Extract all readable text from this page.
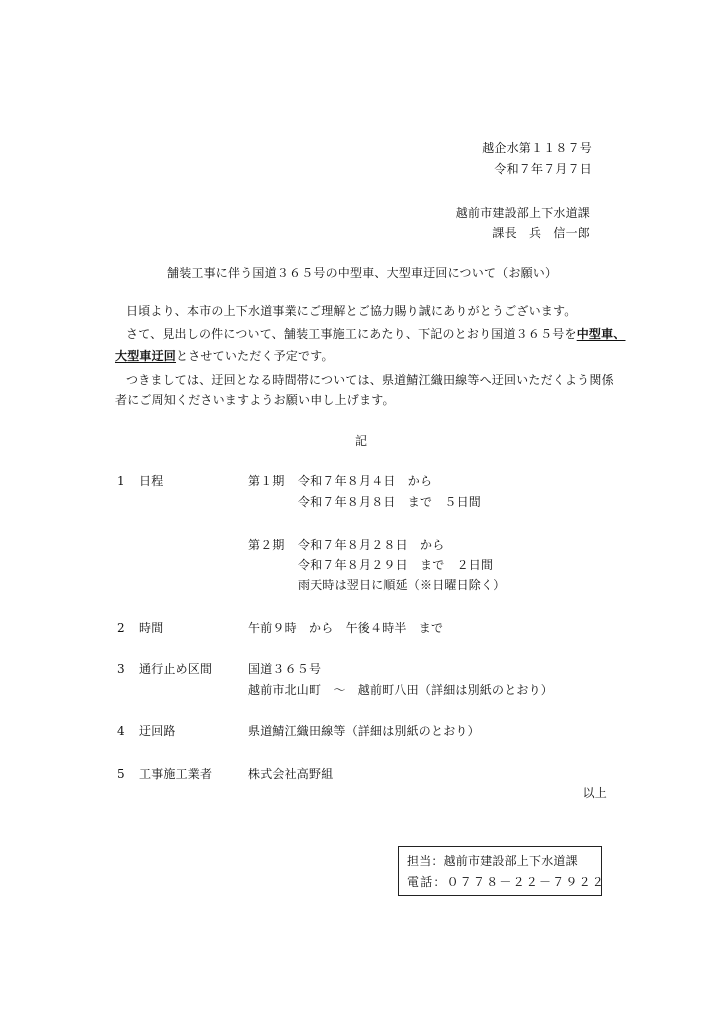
越企水第１１８７号
令和７年７月７日
越前市建設部上下水道課
課長　兵　信一郎
舗装工事に伴う国道３６５号の中型車、大型車迂回について（お願い）
日頃より、本市の上下水道事業にご理解とご協力賜り誠にありがとうございます。
さて、見出しの件について、舗装工事施工にあたり、下記のとおり国道３６５号を中型車、
大型車迂回とさせていただく予定です。
つきましては、迂回となる時間帯については、県道鯖江織田線等へ迂回いただくよう関係
者にご周知くださいますようお願い申し上げます。
記
1 日程	第１期 令和７年８月４日　から
令和７年８月８日　まで　５日間
第２期 令和７年８月２８日　から
令和７年８月２９日　まで　２日間
雨天時は翌日に順延（※日曜日除く）
2 時間	午前９時　から　午後４時半　まで
3 通行止め区間	国道３６５号
越前市北山町　～　越前町八田（詳細は別紙のとおり）
4 迂回路	県道鯖江織田線等（詳細は別紙のとおり）
5 工事施工業者	株式会社高野組
以上
担当：越前市建設部上下水道課
電話：０７７８－２２－７９２２
